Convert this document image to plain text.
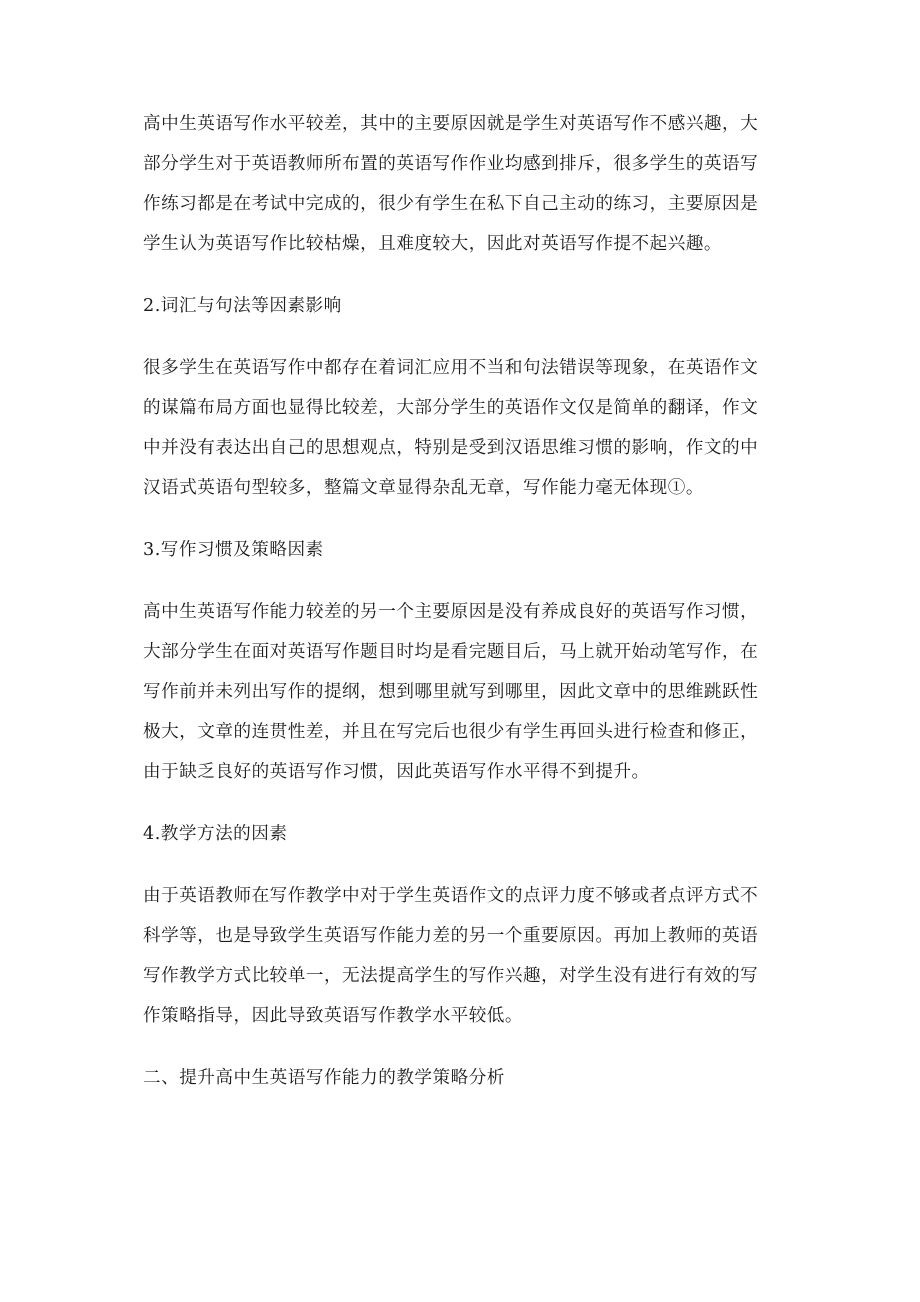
高中生英语写作水平较差，其中的主要原因就是学生对英语写作不感兴趣，大
部分学生对于英语教师所布置的英语写作作业均感到排斥，很多学生的英语写
作练习都是在考试中完成的，很少有学生在私下自己主动的练习，主要原因是
学生认为英语写作比较枯燥，且难度较大，因此对英语写作提不起兴趣。
2.词汇与句法等因素影响
很多学生在英语写作中都存在着词汇应用不当和句法错误等现象，在英语作文
的谋篇布局方面也显得比较差，大部分学生的英语作文仅是简单的翻译，作文
中并没有表达出自己的思想观点，特别是受到汉语思维习惯的影响，作文的中
汉语式英语句型较多，整篇文章显得杂乱无章，写作能力毫无体现①。
3.写作习惯及策略因素
高中生英语写作能力较差的另一个主要原因是没有养成良好的英语写作习惯，
大部分学生在面对英语写作题目时均是看完题目后，马上就开始动笔写作，在
写作前并未列出写作的提纲，想到哪里就写到哪里，因此文章中的思维跳跃性
极大，文章的连贯性差，并且在写完后也很少有学生再回头进行检查和修正，
由于缺乏良好的英语写作习惯，因此英语写作水平得不到提升。
4.教学方法的因素
由于英语教师在写作教学中对于学生英语作文的点评力度不够或者点评方式不
科学等，也是导致学生英语写作能力差的另一个重要原因。再加上教师的英语
写作教学方式比较单一，无法提高学生的写作兴趣，对学生没有进行有效的写
作策略指导，因此导致英语写作教学水平较低。
二、提升高中生英语写作能力的教学策略分析
